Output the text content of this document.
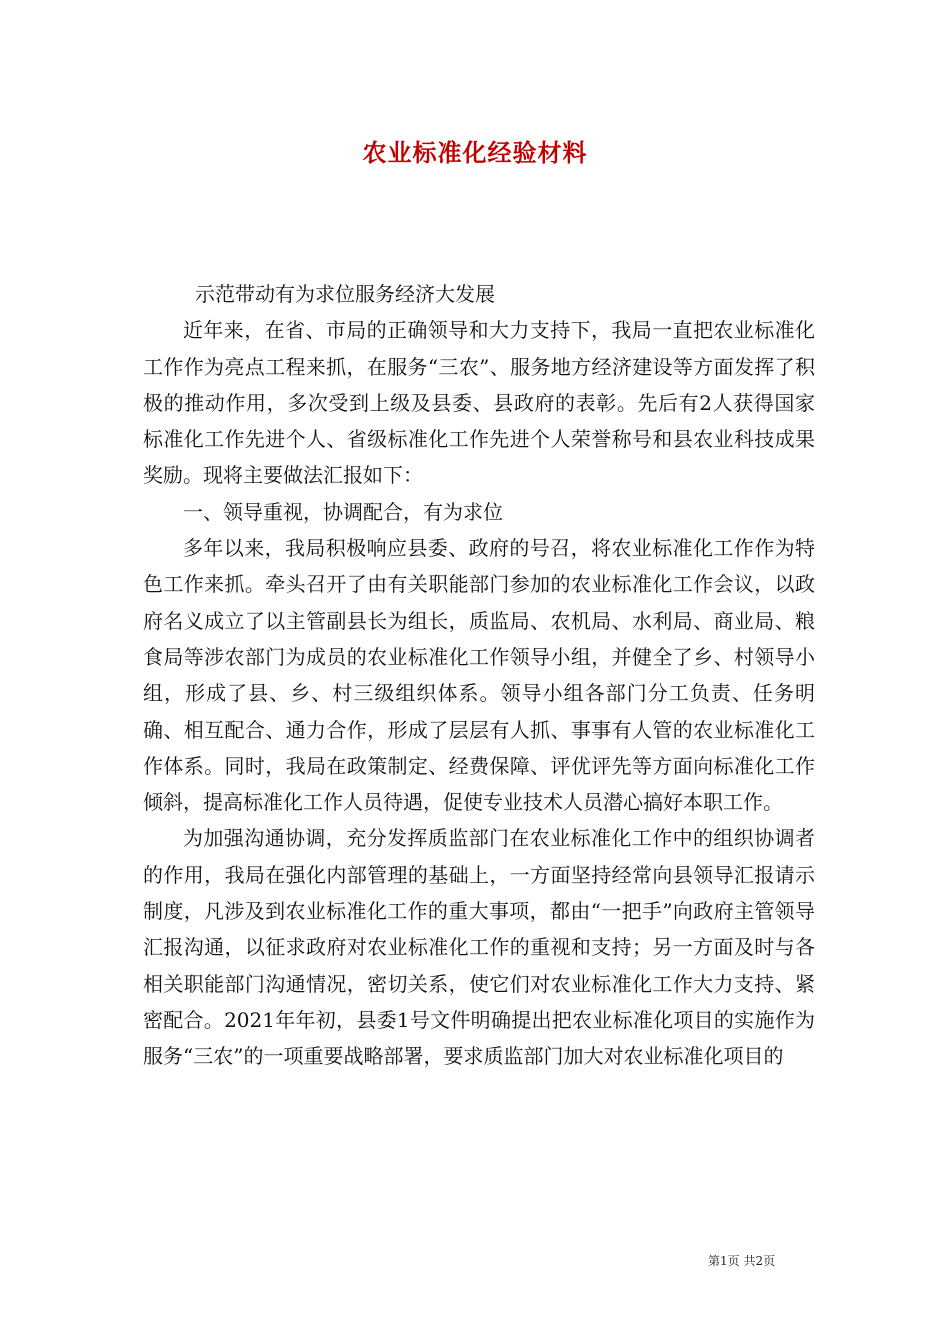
农业标准化经验材料

示范带动有为求位服务经济大发展

近年来，在省、市局的正确领导和大力支持下，我局一直把农业标准化工作作为亮点工程来抓，在服务“三农”、服务地方经济建设等方面发挥了积极的推动作用，多次受到上级及县委、县政府的表彰。先后有2人获得国家标准化工作先进个人、省级标准化工作先进个人荣誉称号和县农业科技成果奖励。现将主要做法汇报如下：

一、领导重视，协调配合，有为求位

多年以来，我局积极响应县委、政府的号召，将农业标准化工作作为特色工作来抓。牵头召开了由有关职能部门参加的农业标准化工作会议，以政府名义成立了以主管副县长为组长，质监局、农机局、水利局、商业局、粮食局等涉农部门为成员的农业标准化工作领导小组，并健全了乡、村领导小组，形成了县、乡、村三级组织体系。领导小组各部门分工负责、任务明确、相互配合、通力合作，形成了层层有人抓、事事有人管的农业标准化工作体系。同时，我局在政策制定、经费保障、评优评先等方面向标准化工作倾斜，提高标准化工作人员待遇，促使专业技术人员潜心搞好本职工作。

为加强沟通协调，充分发挥质监部门在农业标准化工作中的组织协调者的作用，我局在强化内部管理的基础上，一方面坚持经常向县领导汇报请示制度，凡涉及到农业标准化工作的重大事项，都由“一把手”向政府主管领导汇报沟通，以征求政府对农业标准化工作的重视和支持；另一方面及时与各相关职能部门沟通情况，密切关系，使它们对农业标准化工作大力支持、紧密配合。2021年年初，县委1号文件明确提出把农业标准化项目的实施作为服务“三农”的一项重要战略部署，要求质监部门加大对农业标准化项目的

第1页 共2页
